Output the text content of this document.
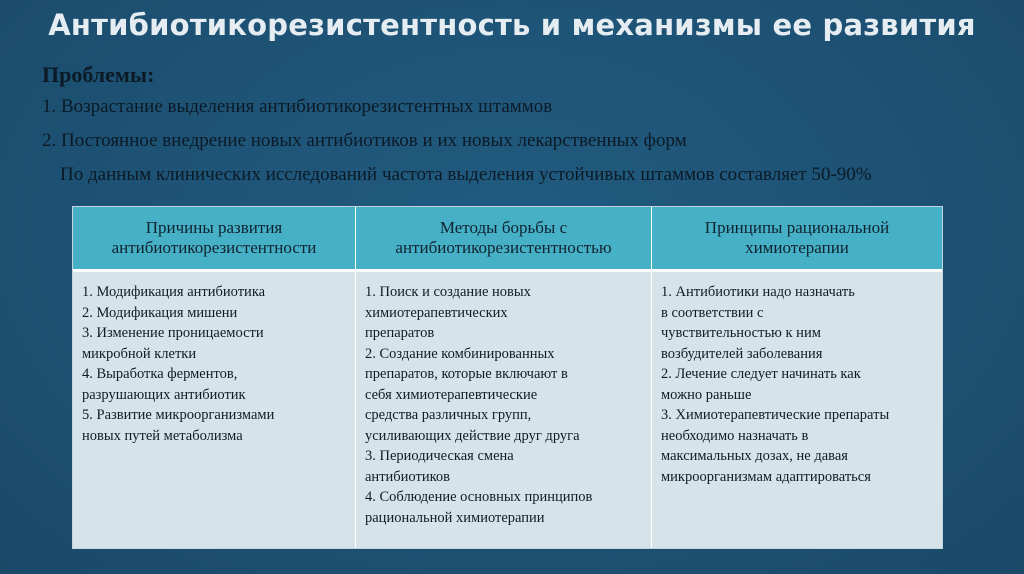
Антибиотикорезистентность и механизмы ее развития
Проблемы:
1. Возрастание выделения антибиотикорезистентных штаммов
2. Постоянное внедрение новых антибиотиков и их новых лекарственных форм
По данным клинических исследований частота выделения устойчивых штаммов составляет 50-90%
Причины развития
антибиотикорезистентности
Методы борьбы с
антибиотикорезистентностью
Принципы рациональной
химиотерапии
1. Модификация антибиотика
2. Модификация мишени
3. Изменение проницаемости
микробной клетки
4. Выработка ферментов,
разрушающих антибиотик
5. Развитие микроорганизмами
новых путей метаболизма
1. Поиск и создание новых
химиотерапевтических
препаратов
2. Создание комбинированных
препаратов, которые включают в
себя химиотерапевтические
средства различных групп,
усиливающих действие друг друга
3. Периодическая смена
антибиотиков
4. Соблюдение основных принципов
рациональной химиотерапии
1. Антибиотики надо назначать
в соответствии с
чувствительностью к ним
возбудителей заболевания
2. Лечение следует начинать как
можно раньше
3. Химиотерапевтические препараты
необходимо назначать в
максимальных дозах, не давая
микроорганизмам адаптироваться
